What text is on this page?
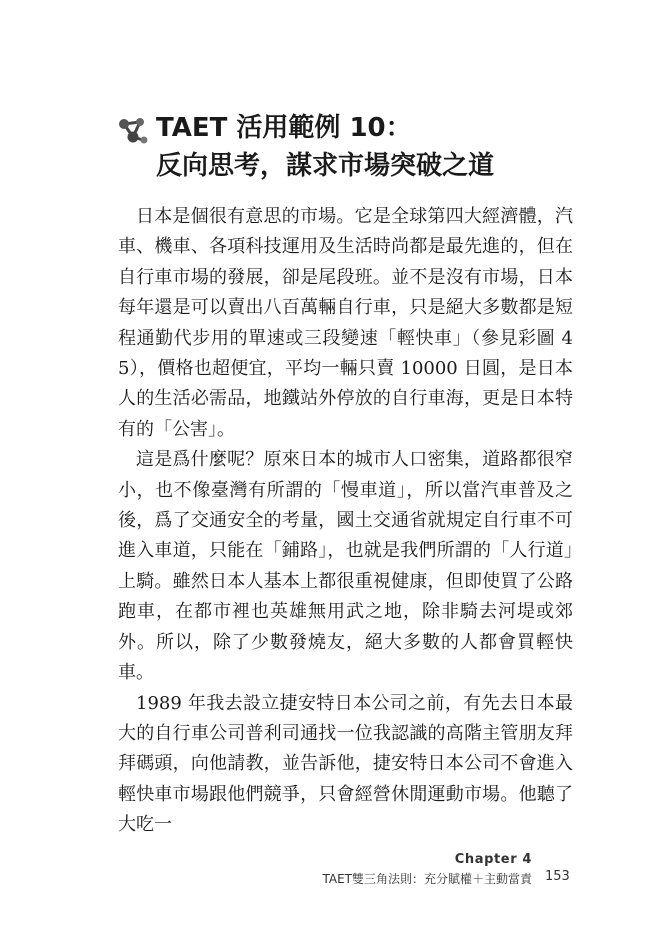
TAET 活用範例 10：
反向思考，謀求市場突破之道

日本是個很有意思的市場。它是全球第四大經濟體，汽車、機車、各項科技運用及生活時尚都是最先進的，但在自行車市場的發展，卻是尾段班。並不是沒有市場，日本每年還是可以賣出八百萬輛自行車，只是絕大多數都是短程通勤代步用的單速或三段變速「輕快車」（參見彩圖 45），價格也超便宜，平均一輛只賣 10000 日圓，是日本人的生活必需品，地鐵站外停放的自行車海，更是日本特有的「公害」。

這是爲什麼呢？原來日本的城市人口密集，道路都很窄小，也不像臺灣有所謂的「慢車道」，所以當汽車普及之後，爲了交通安全的考量，國土交通省就規定自行車不可進入車道，只能在「鋪路」，也就是我們所謂的「人行道」上騎。雖然日本人基本上都很重視健康，但即使買了公路跑車，在都市裡也英雄無用武之地，除非騎去河堤或郊外。所以，除了少數發燒友，絕大多數的人都會買輕快車。

1989 年我去設立捷安特日本公司之前，有先去日本最大的自行車公司普利司通找一位我認識的高階主管朋友拜拜碼頭，向他請教，並告訴他，捷安特日本公司不會進入輕快車市場跟他們競爭，只會經營休閒運動市場。他聽了大吃一

Chapter 4
TAET雙三角法則：充分賦權＋主動當責 153
